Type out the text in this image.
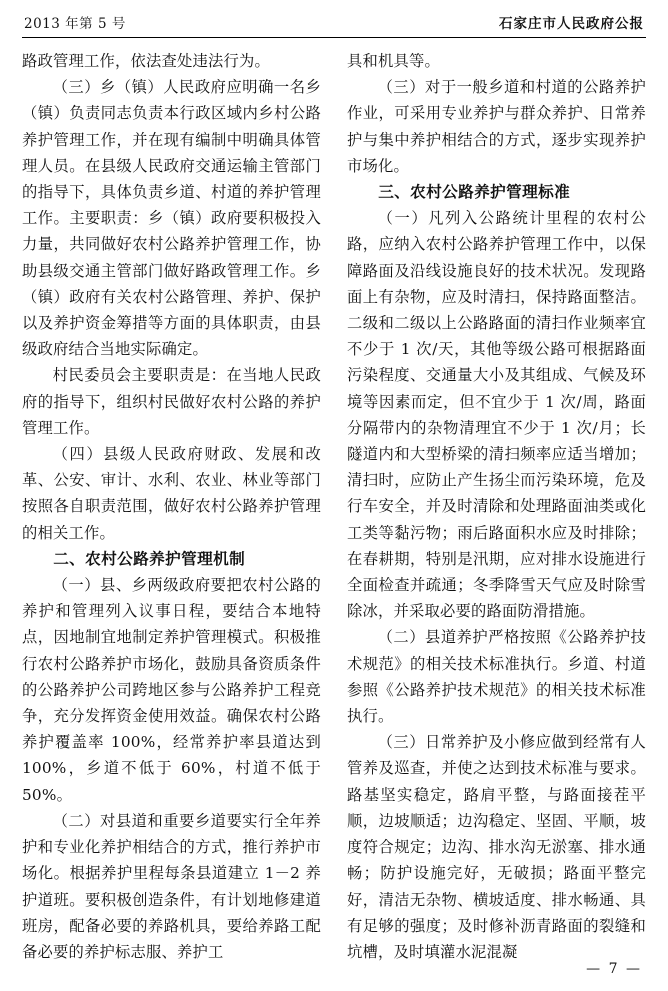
2013 年第 5 号	石家庄市人民政府公报

路政管理工作，依法查处违法行为。

（三）乡（镇）人民政府应明确一名乡（镇）负责同志负责本行政区域内乡村公路养护管理工作，并在现有编制中明确具体管理人员。在县级人民政府交通运输主管部门的指导下，具体负责乡道、村道的养护管理工作。主要职责：乡（镇）政府要积极投入力量，共同做好农村公路养护管理工作，协助县级交通主管部门做好路政管理工作。乡（镇）政府有关农村公路管理、养护、保护以及养护资金筹措等方面的具体职责，由县级政府结合当地实际确定。

村民委员会主要职责是：在当地人民政府的指导下，组织村民做好农村公路的养护管理工作。

（四）县级人民政府财政、发展和改革、公安、审计、水利、农业、林业等部门按照各自职责范围，做好农村公路养护管理的相关工作。

二、农村公路养护管理机制

（一）县、乡两级政府要把农村公路的养护和管理列入议事日程，要结合本地特点，因地制宜地制定养护管理模式。积极推行农村公路养护市场化，鼓励具备资质条件的公路养护公司跨地区参与公路养护工程竞争，充分发挥资金使用效益。确保农村公路养护覆盖率 100%，经常养护率县道达到 100%，乡道不低于 60%，村道不低于 50%。

（二）对县道和重要乡道要实行全年养护和专业化养护相结合的方式，推行养护市场化。根据养护里程每条县道建立 1－2 养护道班。要积极创造条件，有计划地修建道班房，配备必要的养路机具，要给养路工配备必要的养护标志服、养护工

具和机具等。

（三）对于一般乡道和村道的公路养护作业，可采用专业养护与群众养护、日常养护与集中养护相结合的方式，逐步实现养护市场化。

三、农村公路养护管理标准

（一）凡列入公路统计里程的农村公路，应纳入农村公路养护管理工作中，以保障路面及沿线设施良好的技术状况。发现路面上有杂物，应及时清扫，保持路面整洁。二级和二级以上公路路面的清扫作业频率宜不少于 1 次/天，其他等级公路可根据路面污染程度、交通量大小及其组成、气候及环境等因素而定，但不宜少于 1 次/周，路面分隔带内的杂物清理宜不少于 1 次/月；长隧道内和大型桥梁的清扫频率应适当增加；清扫时，应防止产生扬尘而污染环境，危及行车安全，并及时清除和处理路面油类或化工类等黏污物；雨后路面积水应及时排除；在春耕期，特别是汛期，应对排水设施进行全面检查并疏通；冬季降雪天气应及时除雪除冰，并采取必要的路面防滑措施。

（二）县道养护严格按照《公路养护技术规范》的相关技术标准执行。乡道、村道参照《公路养护技术规范》的相关技术标准执行。

（三）日常养护及小修应做到经常有人管养及巡查，并使之达到技术标准与要求。路基坚实稳定，路肩平整，与路面接茬平顺，边坡顺适；边沟稳定、坚固、平顺，坡度符合规定；边沟、排水沟无淤塞、排水通畅；防护设施完好，无破损；路面平整完好，清洁无杂物、横坡适度、排水畅通、具有足够的强度；及时修补沥青路面的裂缝和坑槽，及时填灌水泥混凝

— 7 —
